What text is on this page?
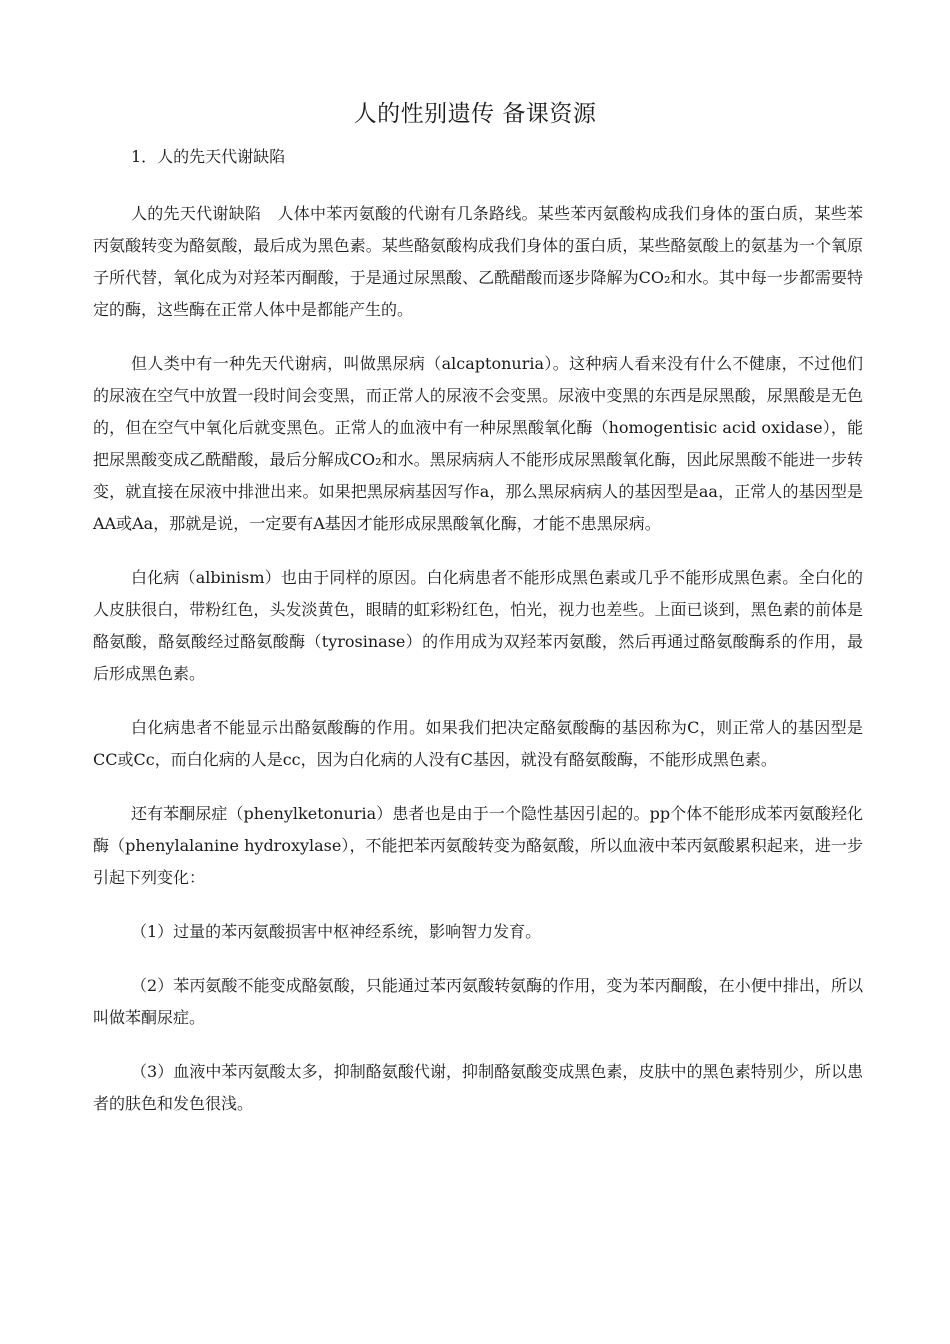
人的性别遗传 备课资源
1．人的先天代谢缺陷

人的先天代谢缺陷　人体中苯丙氨酸的代谢有几条路线。某些苯丙氨酸构成我们身体的蛋白质，某些苯丙氨酸转变为酪氨酸，最后成为黑色素。某些酪氨酸构成我们身体的蛋白质，某些酪氨酸上的氨基为一个氧原子所代替，氧化成为对羟苯丙酮酸，于是通过尿黑酸、乙酰醋酸而逐步降解为CO₂和水。其中每一步都需要特定的酶，这些酶在正常人体中是都能产生的。

但人类中有一种先天代谢病，叫做黑尿病（alcaptonuria）。这种病人看来没有什么不健康，不过他们的尿液在空气中放置一段时间会变黑，而正常人的尿液不会变黑。尿液中变黑的东西是尿黑酸，尿黑酸是无色的，但在空气中氧化后就变黑色。正常人的血液中有一种尿黑酸氧化酶（homogentisic acid oxidase），能把尿黑酸变成乙酰醋酸，最后分解成CO₂和水。黑尿病病人不能形成尿黑酸氧化酶，因此尿黑酸不能进一步转变，就直接在尿液中排泄出来。如果把黑尿病基因写作a，那么黑尿病病人的基因型是aa，正常人的基因型是AA或Aa，那就是说，一定要有A基因才能形成尿黑酸氧化酶，才能不患黑尿病。

白化病（albinism）也由于同样的原因。白化病患者不能形成黑色素或几乎不能形成黑色素。全白化的人皮肤很白，带粉红色，头发淡黄色，眼睛的虹彩粉红色，怕光，视力也差些。上面已谈到，黑色素的前体是酪氨酸，酪氨酸经过酪氨酸酶（tyrosinase）的作用成为双羟苯丙氨酸，然后再通过酪氨酸酶系的作用，最后形成黑色素。

白化病患者不能显示出酪氨酸酶的作用。如果我们把决定酪氨酸酶的基因称为C，则正常人的基因型是CC或Cc，而白化病的人是cc，因为白化病的人没有C基因，就没有酪氨酸酶，不能形成黑色素。

还有苯酮尿症（phenylketonuria）患者也是由于一个隐性基因引起的。pp个体不能形成苯丙氨酸羟化酶（phenylalanine hydroxylase），不能把苯丙氨酸转变为酪氨酸，所以血液中苯丙氨酸累积起来，进一步引起下列变化：

（1）过量的苯丙氨酸损害中枢神经系统，影响智力发育。

（2）苯丙氨酸不能变成酪氨酸，只能通过苯丙氨酸转氨酶的作用，变为苯丙酮酸，在小便中排出，所以叫做苯酮尿症。

（3）血液中苯丙氨酸太多，抑制酪氨酸代谢，抑制酪氨酸变成黑色素，皮肤中的黑色素特别少，所以患者的肤色和发色很浅。
